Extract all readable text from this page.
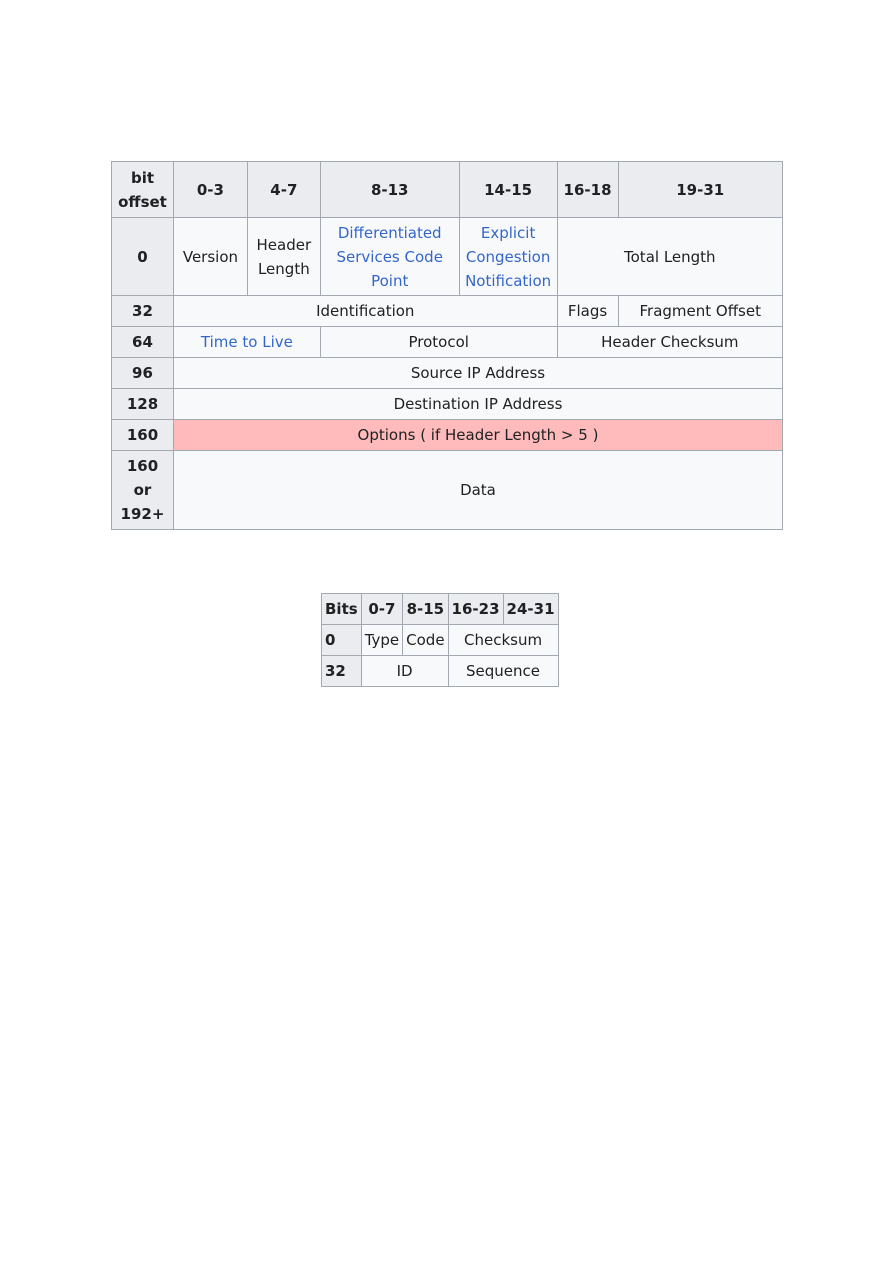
bit offset	0-3	4-7	8-13	14-15	16-18	19-31
0	Version	Header Length	Differentiated Services Code Point	Explicit Congestion Notification	Total Length	
32	Identification				Flags	Fragment Offset
64	Time to Live		Protocol		Header Checksum	
96	Source IP Address					
128	Destination IP Address					
160	Options ( if Header Length > 5 )					
160 or 192+	Data					
Bits	0-7	8-15	16-23	24-31
0	Type	Code	Checksum	
32	ID		Sequence	
